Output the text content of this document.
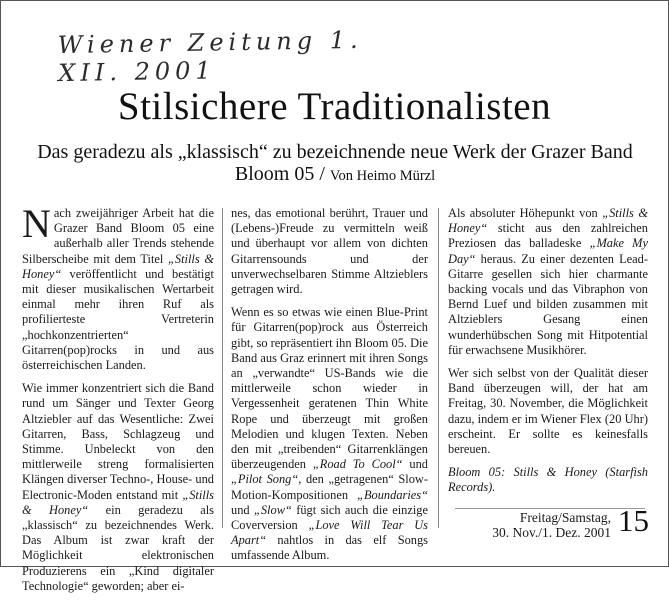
Wiener Zeitung 1. XII. 2001
Stilsichere Traditionalisten
Das geradezu als „klassisch“ zu bezeichnende neue Werk der Grazer Band Bloom 05 / Von Heimo Mürzl
N ach zweijähriger Arbeit hat die Grazer Band Bloom 05 eine außerhalb aller Trends stehende Silberscheibe mit dem Titel „Stills & Honey“ veröffentlicht und bestätigt mit dieser musikalischen Wertarbeit einmal mehr ihren Ruf als profilierteste Vertreterin „hochkonzentrierten“ Gitarren(pop)rocks in und aus österreichischen Landen.

Wie immer konzentriert sich die Band rund um Sänger und Texter Georg Altziebler auf das Wesentliche: Zwei Gitarren, Bass, Schlagzeug und Stimme. Unbeleckt von den mittlerweile streng formalisierten Klängen diverser Techno-, House- und Electronic-Moden entstand mit „Stills & Honey“ ein geradezu als „klassisch“ zu bezeichnendes Werk. Das Album ist zwar kraft der Möglichkeit elektronischen Produzierens ein „Kind digitaler Technologie“ geworden; aber ei-

nes, das emotional berührt, Trauer und (Lebens-)Freude zu vermitteln weiß und überhaupt vor allem von dichten Gitarrensounds und der unverwechselbaren Stimme Altzieblers getragen wird.

Wenn es so etwas wie einen Blue-Print für Gitarren(pop)rock aus Österreich gibt, so repräsentiert ihn Bloom 05. Die Band aus Graz erinnert mit ihren Songs an „verwandte“ US-Bands wie die mittlerweile schon wieder in Vergessenheit geratenen Thin White Rope und überzeugt mit großen Melodien und klugen Texten. Neben den mit „treibenden“ Gitarrenklängen überzeugenden „Road To Cool“ und „Pilot Song“, den „getragenen“ Slow-Motion-Kompositionen „Boundaries“ und „Slow“ fügt sich auch die einzige Coverversion „Love Will Tear Us Apart“ nahtlos in das elf Songs umfassende Album.

Als absoluter Höhepunkt von „Stills & Honey“ sticht aus den zahlreichen Preziosen das balladeske „Make My Day“ heraus. Zu einer dezenten Lead-Gitarre gesellen sich hier charmante backing vocals und das Vibraphon von Bernd Luef und bilden zusammen mit Altzieblers Gesang einen wunderhübschen Song mit Hitpotential für erwachsene Musikhörer.

Wer sich selbst von der Qualität dieser Band überzeugen will, der hat am Freitag, 30. November, die Möglichkeit dazu, indem er im Wiener Flex (20 Uhr) erscheint. Er sollte es keinesfalls bereuen.

Bloom 05: Stills & Honey (Starfish Records).

Freitag/Samstag,
30. Nov./1. Dez. 2001 15
